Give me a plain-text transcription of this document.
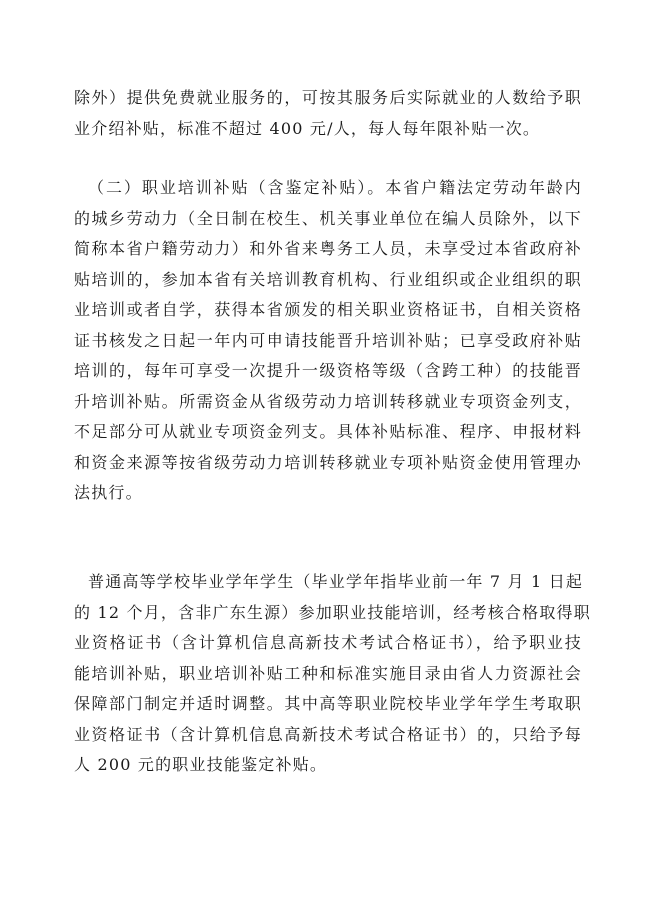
除外）提供免费就业服务的，可按其服务后实际就业的人数给予职
业介绍补贴，标准不超过 400 元/人，每人每年限补贴一次。
（二）职业培训补贴（含鉴定补贴）。本省户籍法定劳动年龄内
的城乡劳动力（全日制在校生、机关事业单位在编人员除外，以下
简称本省户籍劳动力）和外省来粤务工人员，未享受过本省政府补
贴培训的，参加本省有关培训教育机构、行业组织或企业组织的职
业培训或者自学，获得本省颁发的相关职业资格证书，自相关资格
证书核发之日起一年内可申请技能晋升培训补贴；已享受政府补贴
培训的，每年可享受一次提升一级资格等级（含跨工种）的技能晋
升培训补贴。所需资金从省级劳动力培训转移就业专项资金列支，
不足部分可从就业专项资金列支。具体补贴标准、程序、申报材料
和资金来源等按省级劳动力培训转移就业专项补贴资金使用管理办
法执行。
普通高等学校毕业学年学生（毕业学年指毕业前一年 7 月 1 日起
的 12 个月，含非广东生源）参加职业技能培训，经考核合格取得职
业资格证书（含计算机信息高新技术考试合格证书），给予职业技
能培训补贴，职业培训补贴工种和标准实施目录由省人力资源社会
保障部门制定并适时调整。其中高等职业院校毕业学年学生考取职
业资格证书（含计算机信息高新技术考试合格证书）的，只给予每
人 200 元的职业技能鉴定补贴。
